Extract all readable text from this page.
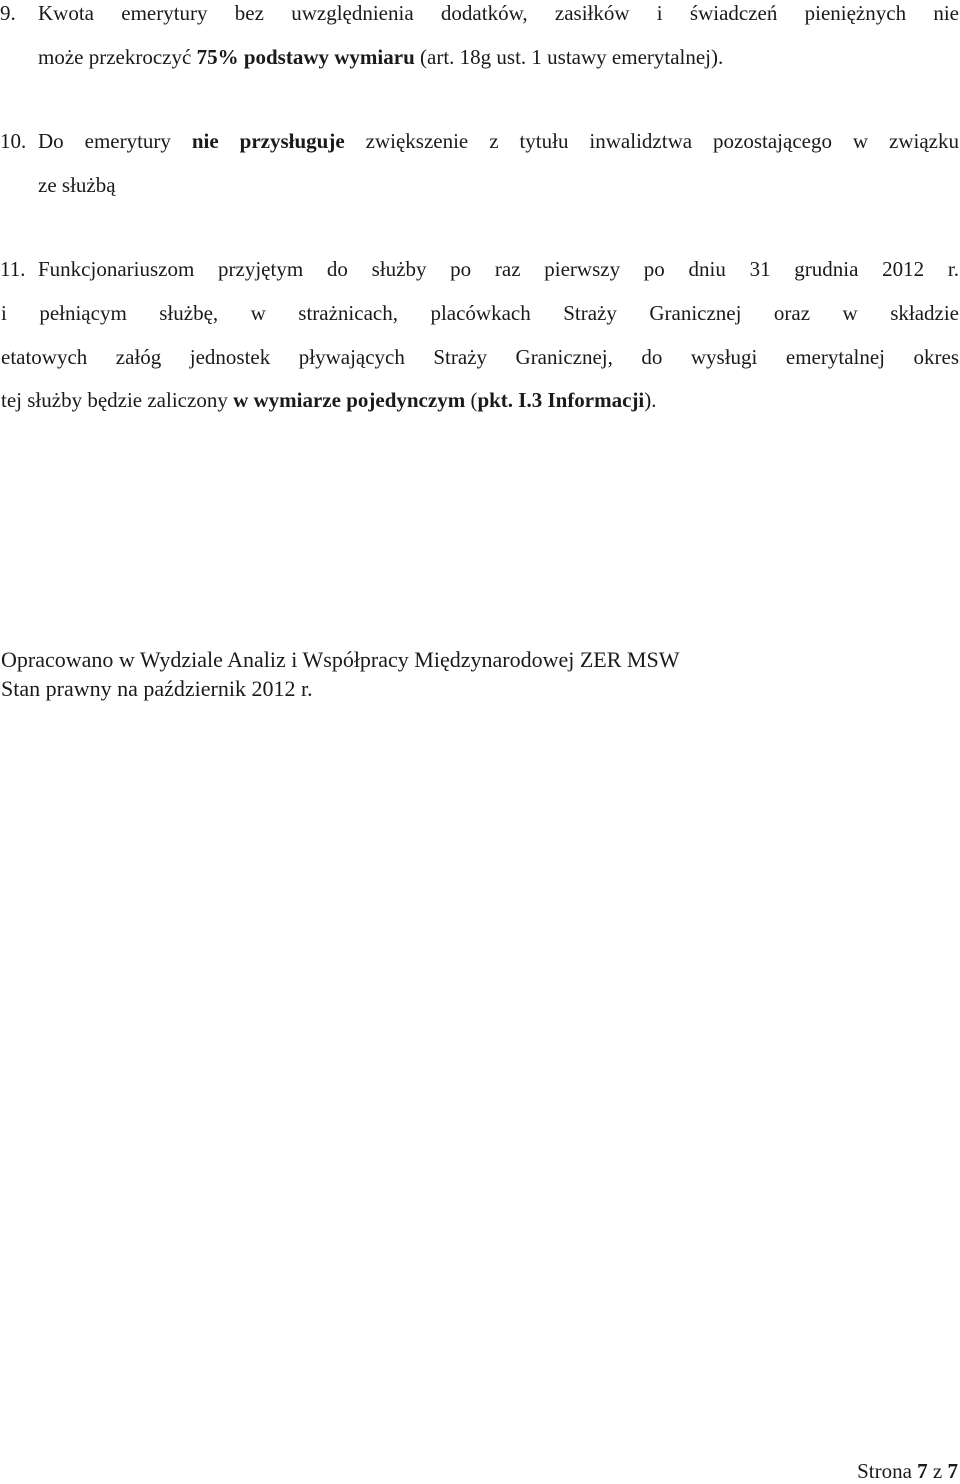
9.	Kwota emerytury bez uwzględnienia dodatków, zasiłków i świadczeń pieniężnych nie
może przekroczyć 75% podstawy wymiaru (art. 18g ust. 1 ustawy emerytalnej).
10. Do emerytury nie przysługuje zwiększenie z tytułu inwalidztwa pozostającego w związku
ze służbą
11. Funkcjonariuszom przyjętym do służby po raz pierwszy po dniu 31 grudnia 2012 r.
i pełniącym służbę, w strażnicach, placówkach Straży Granicznej oraz w składzie
etatowych załóg jednostek pływających Straży Granicznej, do wysługi emerytalnej okres
tej służby będzie zaliczony w wymiarze pojedynczym (pkt. I.3 Informacji).
Opracowano w Wydziale Analiz i Współpracy Międzynarodowej ZER MSW
Stan prawny na październik 2012 r.
Strona 7 z 7
